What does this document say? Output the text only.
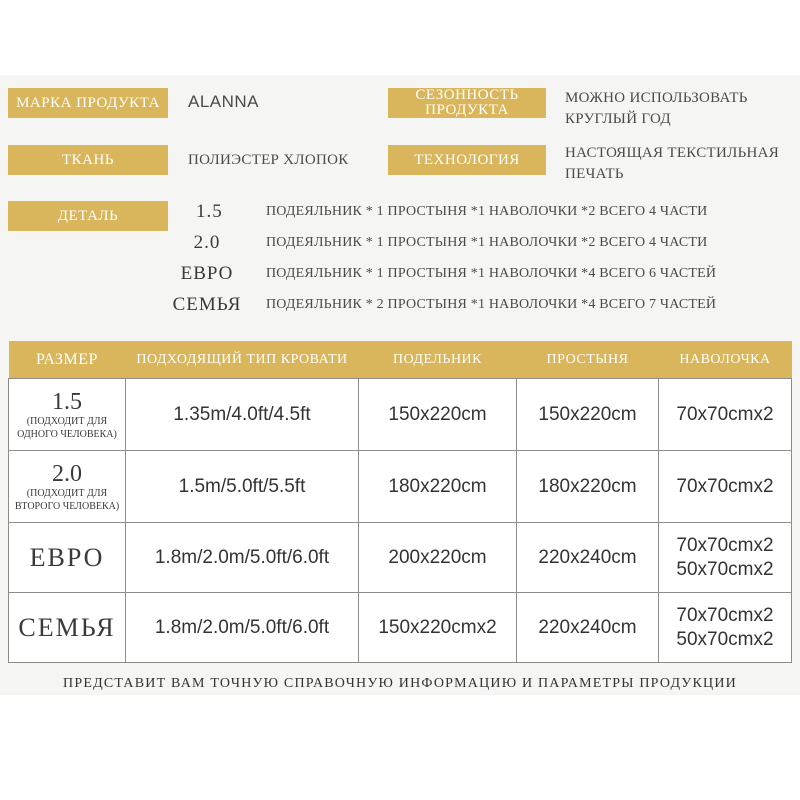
МАРКА ПРОДУКТА	ALANNA	СЕЗОННОСТЬ ПРОДУКТА
МОЖНО ИСПОЛЬЗОВАТЬ КРУГЛЫЙ ГОД
ТКАНЬ	ПОЛИЭСТЕР ХЛОПОК	ТЕХНОЛОГИЯ	НАСТОЯЩАЯ ТЕКСТИЛЬНАЯ ПЕЧАТЬ
ДЕТАЛЬ	1.5	ПОДЕЯЛЬНИК * 1 ПРОСТЫНЯ *1 НАВОЛОЧКИ *2 ВСЕГО 4 ЧАСТИ
2.0	ПОДЕЯЛЬНИК * 1 ПРОСТЫНЯ *1 НАВОЛОЧКИ *2 ВСЕГО 4 ЧАСТИ
ЕВРО	ПОДЕЯЛЬНИК * 1 ПРОСТЫНЯ *1 НАВОЛОЧКИ *4 ВСЕГО 6 ЧАСТЕЙ
СЕМЬЯ	ПОДЕЯЛЬНИК * 2 ПРОСТЫНЯ *1 НАВОЛОЧКИ *4 ВСЕГО 7 ЧАСТЕЙ
РАЗМЕР	ПОДХОДЯЩИЙ ТИП КРОВАТИ	ПОДЕЛЬНИК	ПРОСТЫНЯ	НАВОЛОЧКА

1.5
(ПОДХОДИТ ДЛЯ
ОДНОГО ЧЕЛОВЕКА)	1.35m/4.0ft/4.5ft	150x220cm	150x220cm	70x70cmx2

2.0
(ПОДХОДИТ ДЛЯ
ВТОРОГО ЧЕЛОВЕКА)	1.5m/5.0ft/5.5ft	180x220cm	180x220cm	70x70cmx2

ЕВРО	1.8m/2.0m/5.0ft/6.0ft	200x220cm	220x240cm	70x70cmx2
50x70cmx2

СЕМЬЯ	1.8m/2.0m/5.0ft/6.0ft	150x220cmx2	220x240cm	70x70cmx2
50x70cmx2
ПРЕДСТАВИТ ВАМ ТОЧНУЮ СПРАВОЧНУЮ ИНФОРМАЦИЮ И ПАРАМЕТРЫ ПРОДУКЦИИ
